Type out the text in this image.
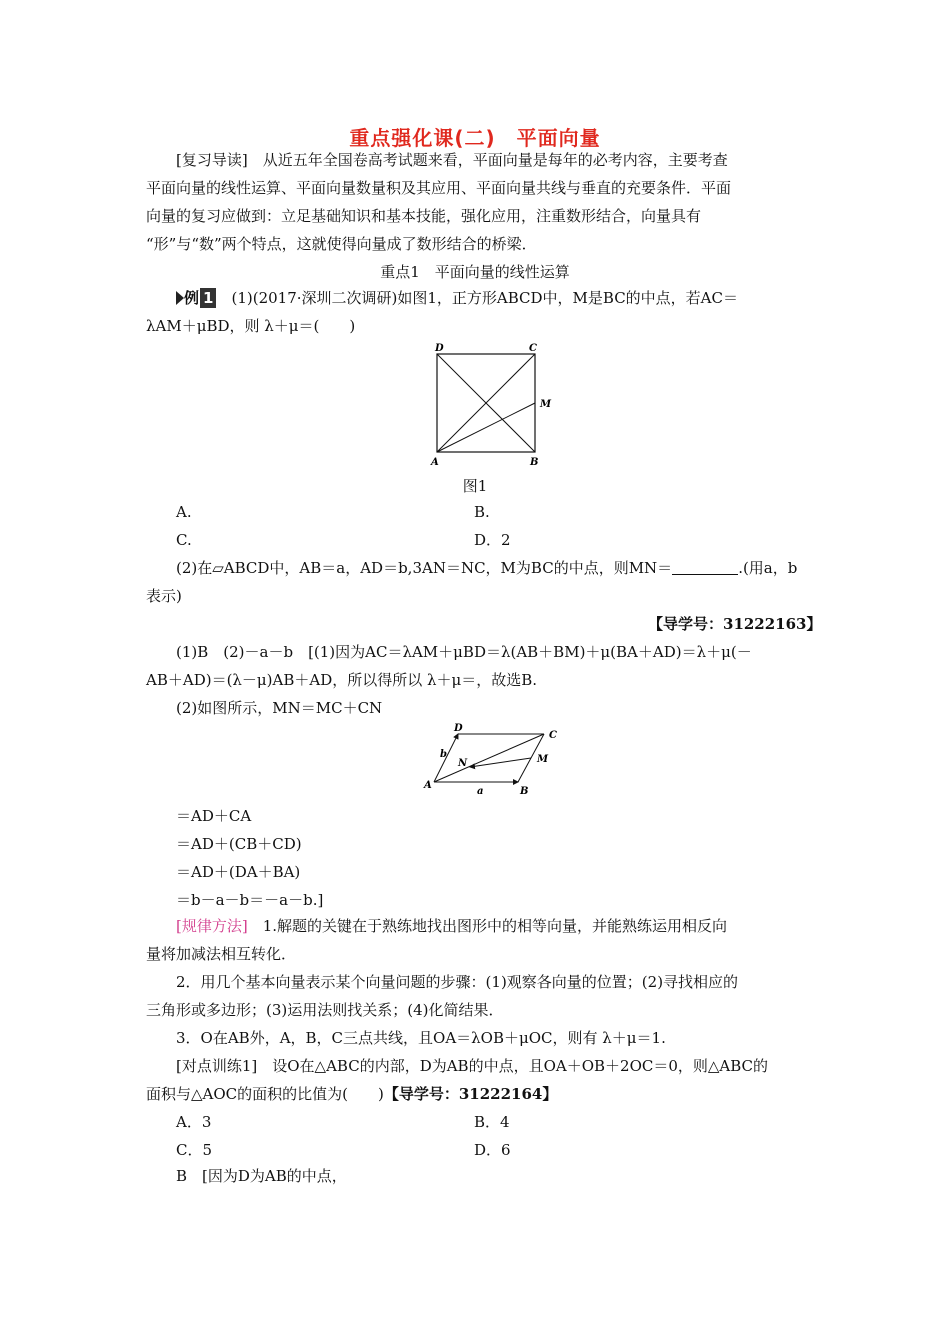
重点强化课(二)　平面向量
[复习导读]　 从近五年全国卷高考试题来看，平面向量是每年的必考内容，主要考查
平面向量的线性运算、平面向量数量积及其应用、平面向量共线与垂直的充要条件．平面
向量的复习应做到：立足基础知识和基本技能，强化应用，注重数形结合，向量具有
“形”与“数”两个特点，这就使得向量成了数形结合的桥梁．
重点1　平面向量的线性运算
例 1　 (1)(2017·深圳二次调研)如图1，正方形ABCD中，M是BC的中点，若AC＝
λAM＋μBD，则 λ＋μ＝(　　)
D	C
M
A	B
图1
A.	B.
C.	D．2
(2)在▱ABCD中，AB＝a，AD＝b,3AN＝NC，M为BC的中点，则MN＝	.(用a，b
表示)
【导学号：31222163】
(1)B　(2)－a－b　[(1)因为AC＝λAM＋μBD＝λ(AB＋BM)＋μ(BA＋AD)＝λ＋μ(－
AB＋AD)＝(λ－μ)AB＋AD，所以得所以 λ＋μ＝，故选B.
(2)如图所示，MN＝MC＋CN
D
C
b
N	M
A
a	B
＝AD＋CA
＝AD＋(CB＋CD)
＝AD＋(DA＋BA)
＝b－a－b＝－a－b.]
[规律方法]　 1.解题的关键在于熟练地找出图形中的相等向量，并能熟练运用相反向
量将加减法相互转化．
2．用几个基本向量表示某个向量问题的步骤：(1)观察各向量的位置；(2)寻找相应的
三角形或多边形；(3)运用法则找关系；(4)化简结果．
3．O在AB外，A，B，C三点共线，且OA＝λOB＋μOC，则有 λ＋μ＝1.
[对点训练1]　设O在△ABC的内部，D为AB的中点，且OA＋OB＋2OC＝0，则△ABC的
面积与△AOC的面积的比值为(　　)【导学号：31222164】
A．3	B．4
C．5	D．6
B　[因为D为AB的中点，
